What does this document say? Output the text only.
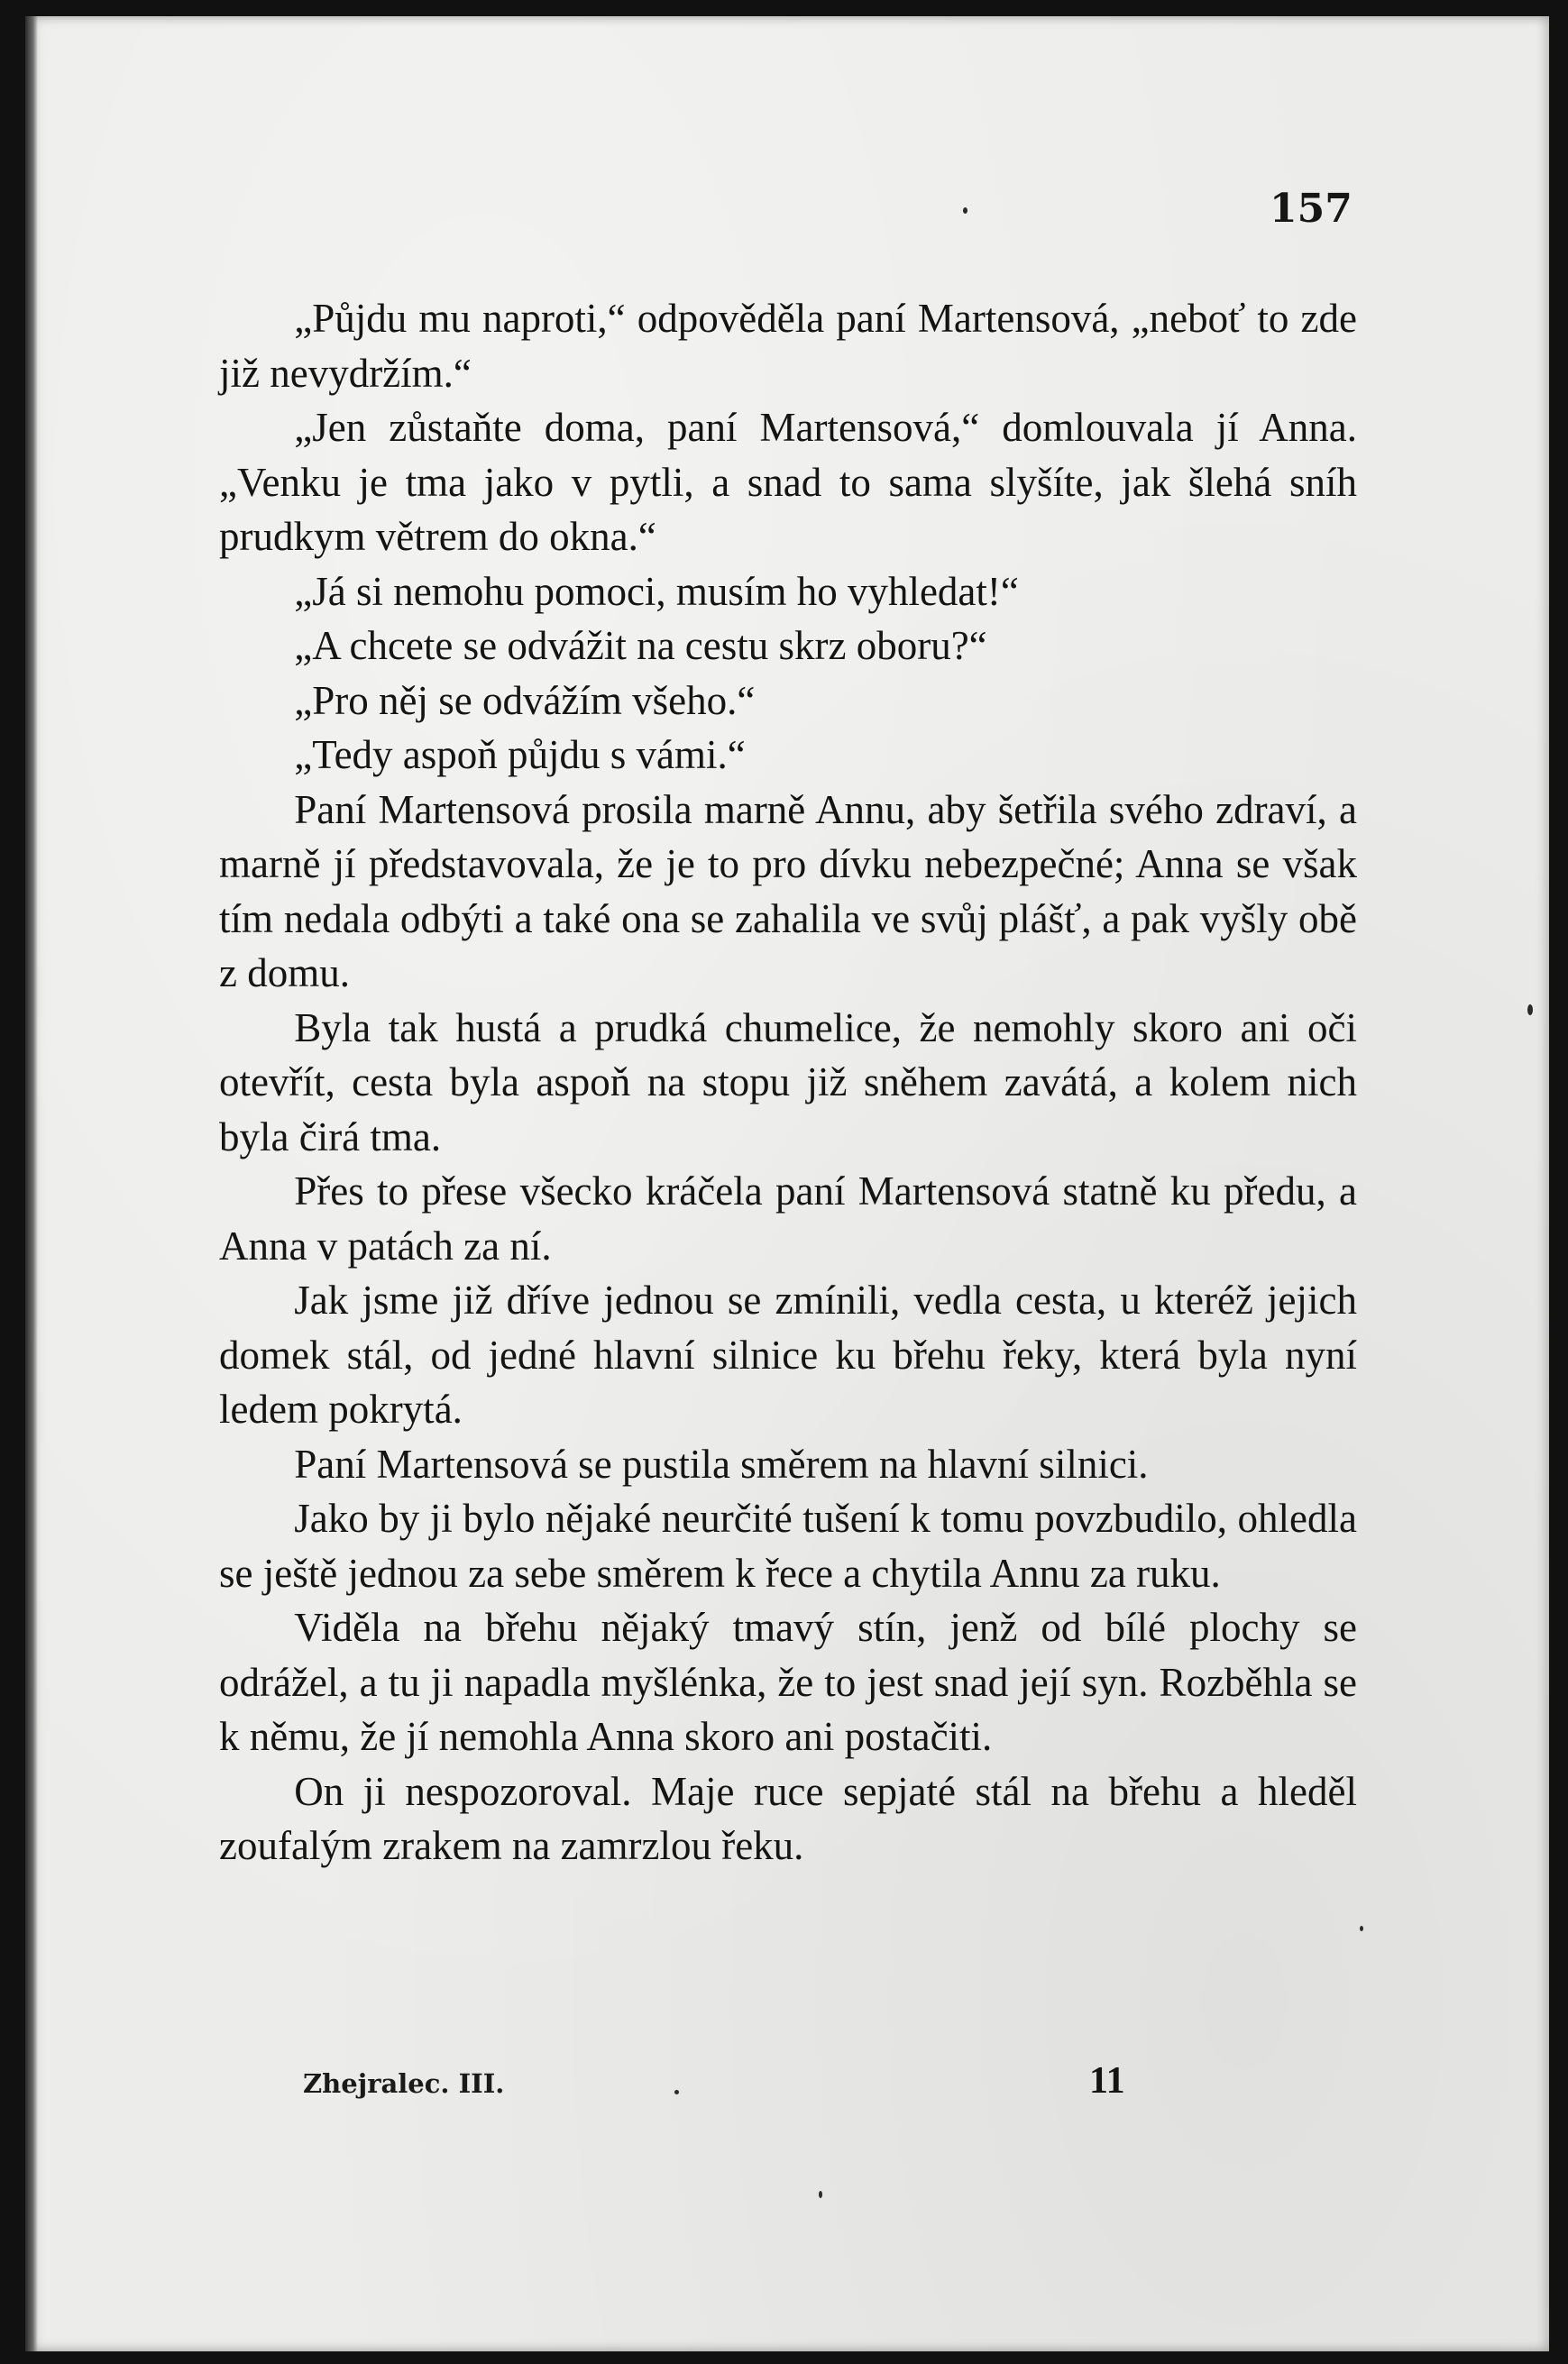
157

„Půjdu mu naproti,“ odpověděla paní Martensová, „neboť to zde již nevydržím.“

„Jen zůstaňte doma, paní Martensová,“ domlouvala jí Anna. „Venku je tma jako v pytli, a snad to sama slyšíte, jak šlehá sníh prudkym větrem do okna.“

„Já si nemohu pomoci, musím ho vyhledat!“

„A chcete se odvážit na cestu skrz oboru?“

„Pro něj se odvážím všeho.“

„Tedy aspoň půjdu s vámi.“

Paní Martensová prosila marně Annu, aby šetřila svého zdraví, a marně jí představovala, že je to pro dívku nebezpečné; Anna se však tím nedala odbýti a také ona se zahalila ve svůj plášť, a pak vyšly obě z domu.

Byla tak hustá a prudká chumelice, že nemohly skoro ani oči otevřít, cesta byla aspoň na stopu již sněhem zavátá, a kolem nich byla čirá tma.

Přes to přese všecko kráčela paní Martensová statně ku předu, a Anna v patách za ní.

Jak jsme již dříve jednou se zmínili, vedla cesta, u kteréž jejich domek stál, od jedné hlavní silnice ku břehu řeky, která byla nyní ledem pokrytá.

Paní Martensová se pustila směrem na hlavní silnici.

Jako by ji bylo nějaké neurčité tušení k tomu povzbudilo, ohledla se ještě jednou za sebe směrem k řece a chytila Annu za ruku.

Viděla na břehu nějaký tmavý stín, jenž od bílé plochy se odrážel, a tu ji napadla myšlénka, že to jest snad její syn. Rozběhla se k němu, že jí nemohla Anna skoro ani postačiti.

On ji nespozoroval. Maje ruce sepjaté stál na břehu a hleděl zoufalým zrakem na zamrzlou řeku.

Zhejralec. III.	11
